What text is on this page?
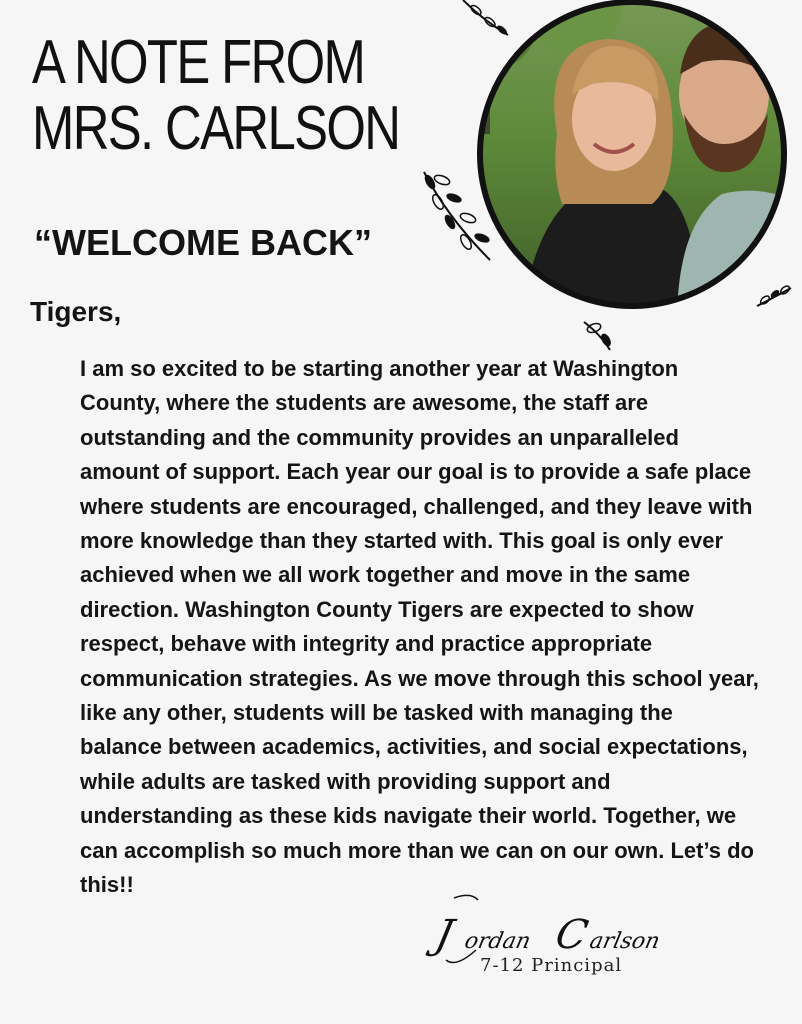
A NOTE FROM
MRS. CARLSON
“WELCOME BACK”

Tigers,

I am so excited to be starting another year at Washington County, where the students are awesome, the staff are outstanding and the community provides an unparalleled amount of support. Each year our goal is to provide a safe place where students are encouraged, challenged, and they leave with more knowledge than they started with. This goal is only ever achieved when we all work together and move in the same direction. Washington County Tigers are expected to show respect, behave with integrity and practice appropriate communication strategies. As we move through this school year, like any other, students will be tasked with managing the balance between academics, activities, and social expectations, while adults are tasked with providing support and understanding as these kids navigate their world. Together, we can accomplish so much more than we can on our own. Let’s do this!!

J ordan C
arlson

7-12 Principal
